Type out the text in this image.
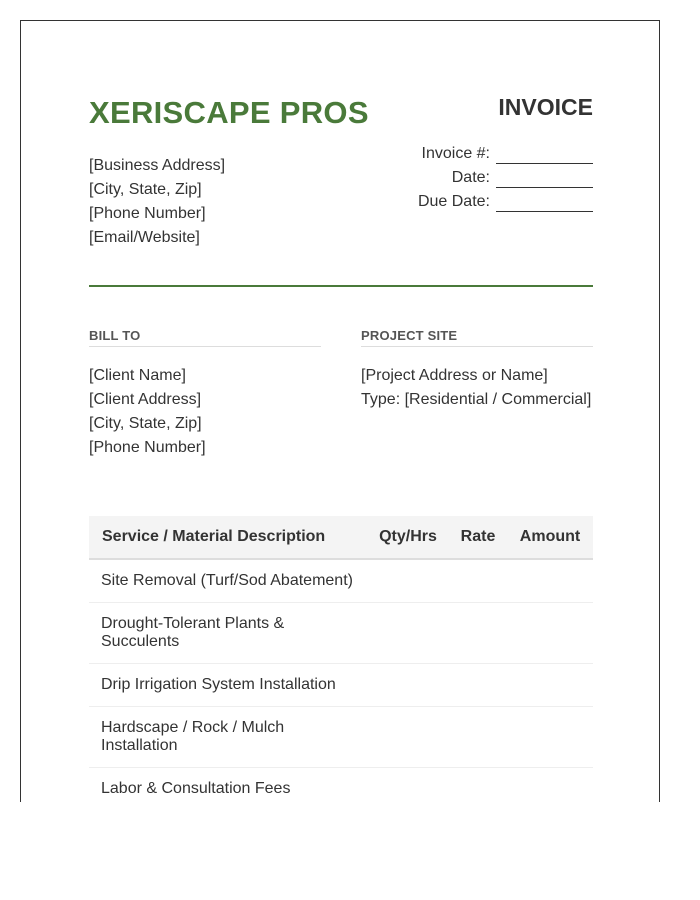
XERISCAPE PROS	INVOICE
[Business Address]
[City, State, Zip]
[Phone Number]
[Email/Website]
Invoice #:
Date:
Due Date:
BILL TO	PROJECT SITE
[Client Name]
[Client Address]
[City, State, Zip]
[Phone Number]
[Project Address or Name]
Type: [Residential / Commercial]
Service / Material Description	Qty/Hrs	Rate	Amount
Site Removal (Turf/Sod Abatement)
Drought-Tolerant Plants & Succulents
Drip Irrigation System Installation
Hardscape / Rock / Mulch Installation
Labor & Consultation Fees
